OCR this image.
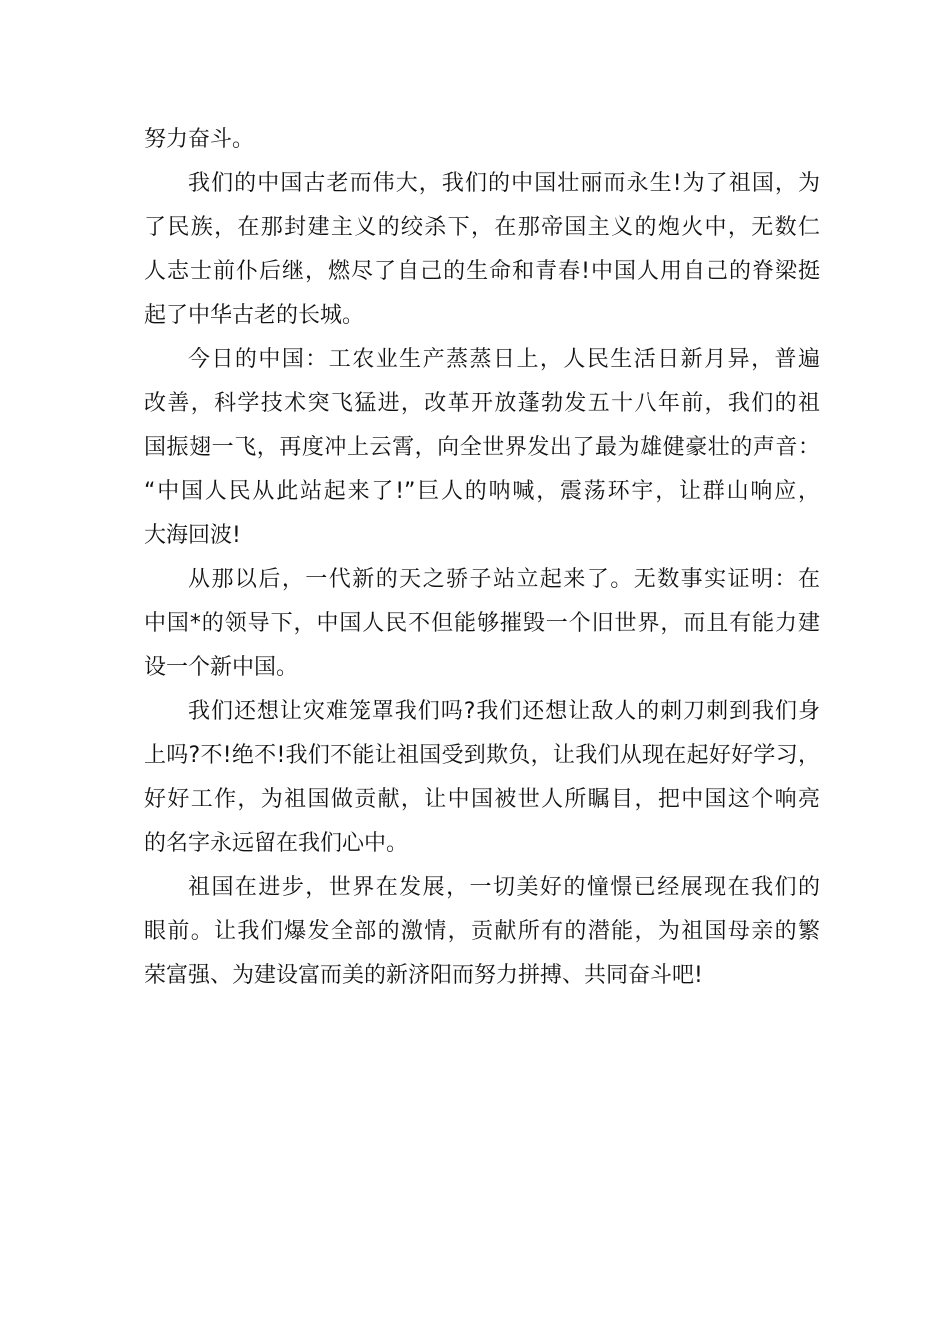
努力奋斗。

我们的中国古老而伟大，我们的中国壮丽而永生!为了祖国，为
了民族，在那封建主义的绞杀下，在那帝国主义的炮火中，无数仁
人志士前仆后继，燃尽了自己的生命和青春!中国人用自己的脊梁挺
起了中华古老的长城。

今日的中国：工农业生产蒸蒸日上，人民生活日新月异，普遍
改善，科学技术突飞猛进，改革开放蓬勃发五十八年前，我们的祖
国振翅一飞，再度冲上云霄，向全世界发出了最为雄健豪壮的声音：
“中国人民从此站起来了!”巨人的呐喊，震荡环宇，让群山响应，
大海回波!

从那以后，一代新的天之骄子站立起来了。无数事实证明：在
中国*的领导下，中国人民不但能够摧毁一个旧世界，而且有能力建
设一个新中国。

我们还想让灾难笼罩我们吗?我们还想让敌人的刺刀刺到我们身
上吗?不!绝不!我们不能让祖国受到欺负，让我们从现在起好好学习，
好好工作，为祖国做贡献，让中国被世人所瞩目，把中国这个响亮
的名字永远留在我们心中。

祖国在进步，世界在发展，一切美好的憧憬已经展现在我们的
眼前。让我们爆发全部的激情，贡献所有的潜能，为祖国母亲的繁
荣富强、为建设富而美的新济阳而努力拼搏、共同奋斗吧!
